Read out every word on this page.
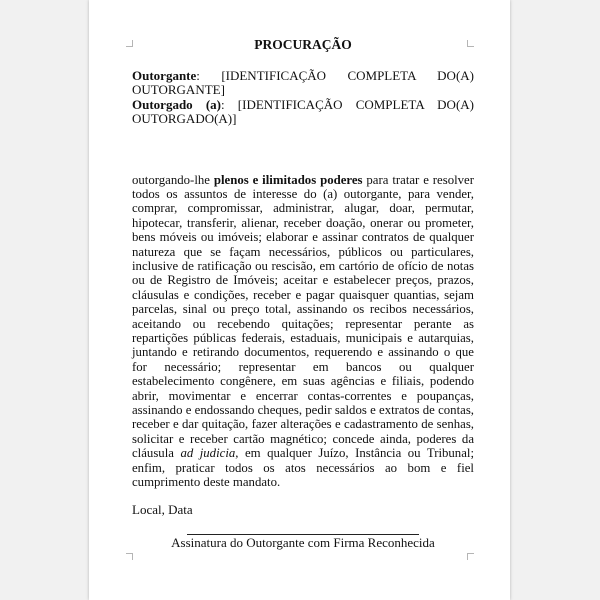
PROCURAÇÃO

Outorgante: [IDENTIFICAÇÃO COMPLETA DO(A) OUTORGANTE]

Outorgado (a): [IDENTIFICAÇÃO COMPLETA DO(A) OUTORGADO(A)]

outorgando-lhe plenos e ilimitados poderes para tratar e resolver todos os assuntos de interesse do (a) outorgante, para vender, comprar, compromissar, administrar, alugar, doar, permutar, hipotecar, transferir, alienar, receber doação, onerar ou prometer, bens móveis ou imóveis; elaborar e assinar contratos de qualquer natureza que se façam necessários, públicos ou particulares, inclusive de ratificação ou rescisão, em cartório de ofício de notas ou de Registro de Imóveis; aceitar e estabelecer preços, prazos, cláusulas e condições, receber e pagar quaisquer quantias, sejam parcelas, sinal ou preço total, assinando os recibos necessários, aceitando ou recebendo quitações; representar perante as repartições públicas federais, estaduais, municipais e autarquias, juntando e retirando documentos, requerendo e assinando o que for necessário; representar em bancos ou qualquer estabelecimento congênere, em suas agências e filiais, podendo abrir, movimentar e encerrar contas-correntes e poupanças, assinando e endossando cheques, pedir saldos e extratos de contas, receber e dar quitação, fazer alterações e cadastramento de senhas, solicitar e receber cartão magnético; concede ainda, poderes da cláusula ad judicia, em qualquer Juízo, Instância ou Tribunal; enfim, praticar todos os atos necessários ao bom e fiel cumprimento deste mandato.

Local, Data

Assinatura do Outorgante com Firma Reconhecida
